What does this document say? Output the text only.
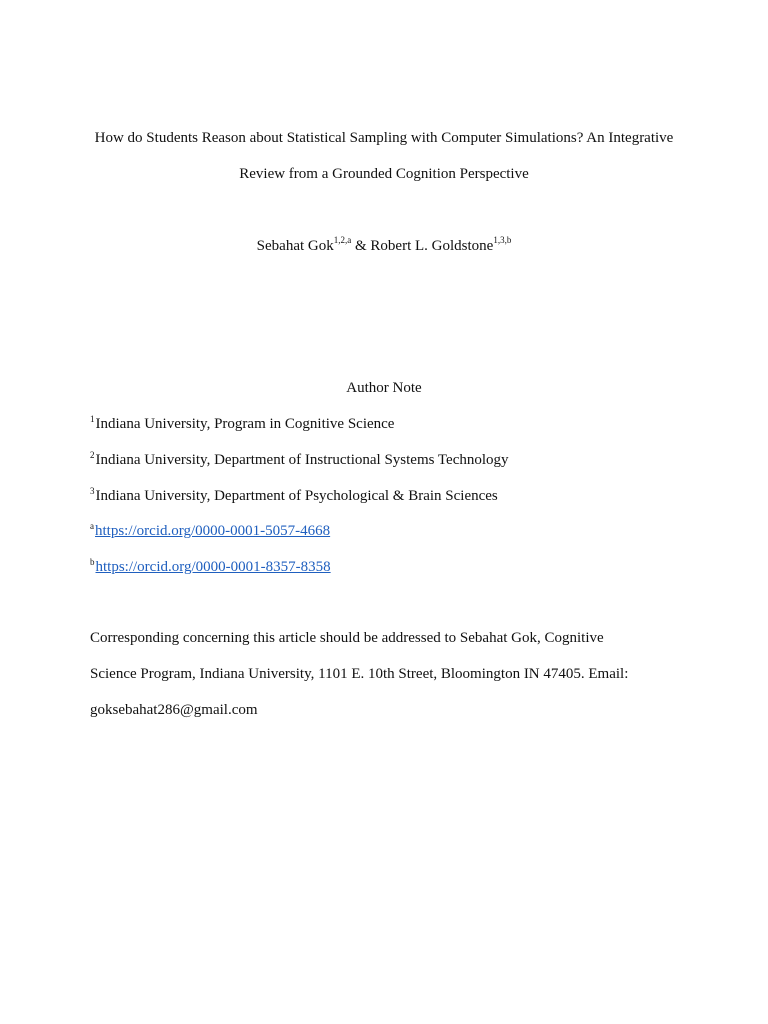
How do Students Reason about Statistical Sampling with Computer Simulations? An Integrative
Review from a Grounded Cognition Perspective
Sebahat Gok$^{1,2,a}$ & Robert L. Goldstone$^{1,3,b}$
Author Note
$^1$Indiana University, Program in Cognitive Science
$^2$Indiana University, Department of Instructional Systems Technology
$^3$Indiana University, Department of Psychological & Brain Sciences
$^a$https://orcid.org/0000-0001-5057-4668
$^b$https://orcid.org/0000-0001-8357-8358
Corresponding concerning this article should be addressed to Sebahat Gok, Cognitive
Science Program, Indiana University, 1101 E. 10th Street, Bloomington IN 47405. Email:
goksebahat286@gmail.com
